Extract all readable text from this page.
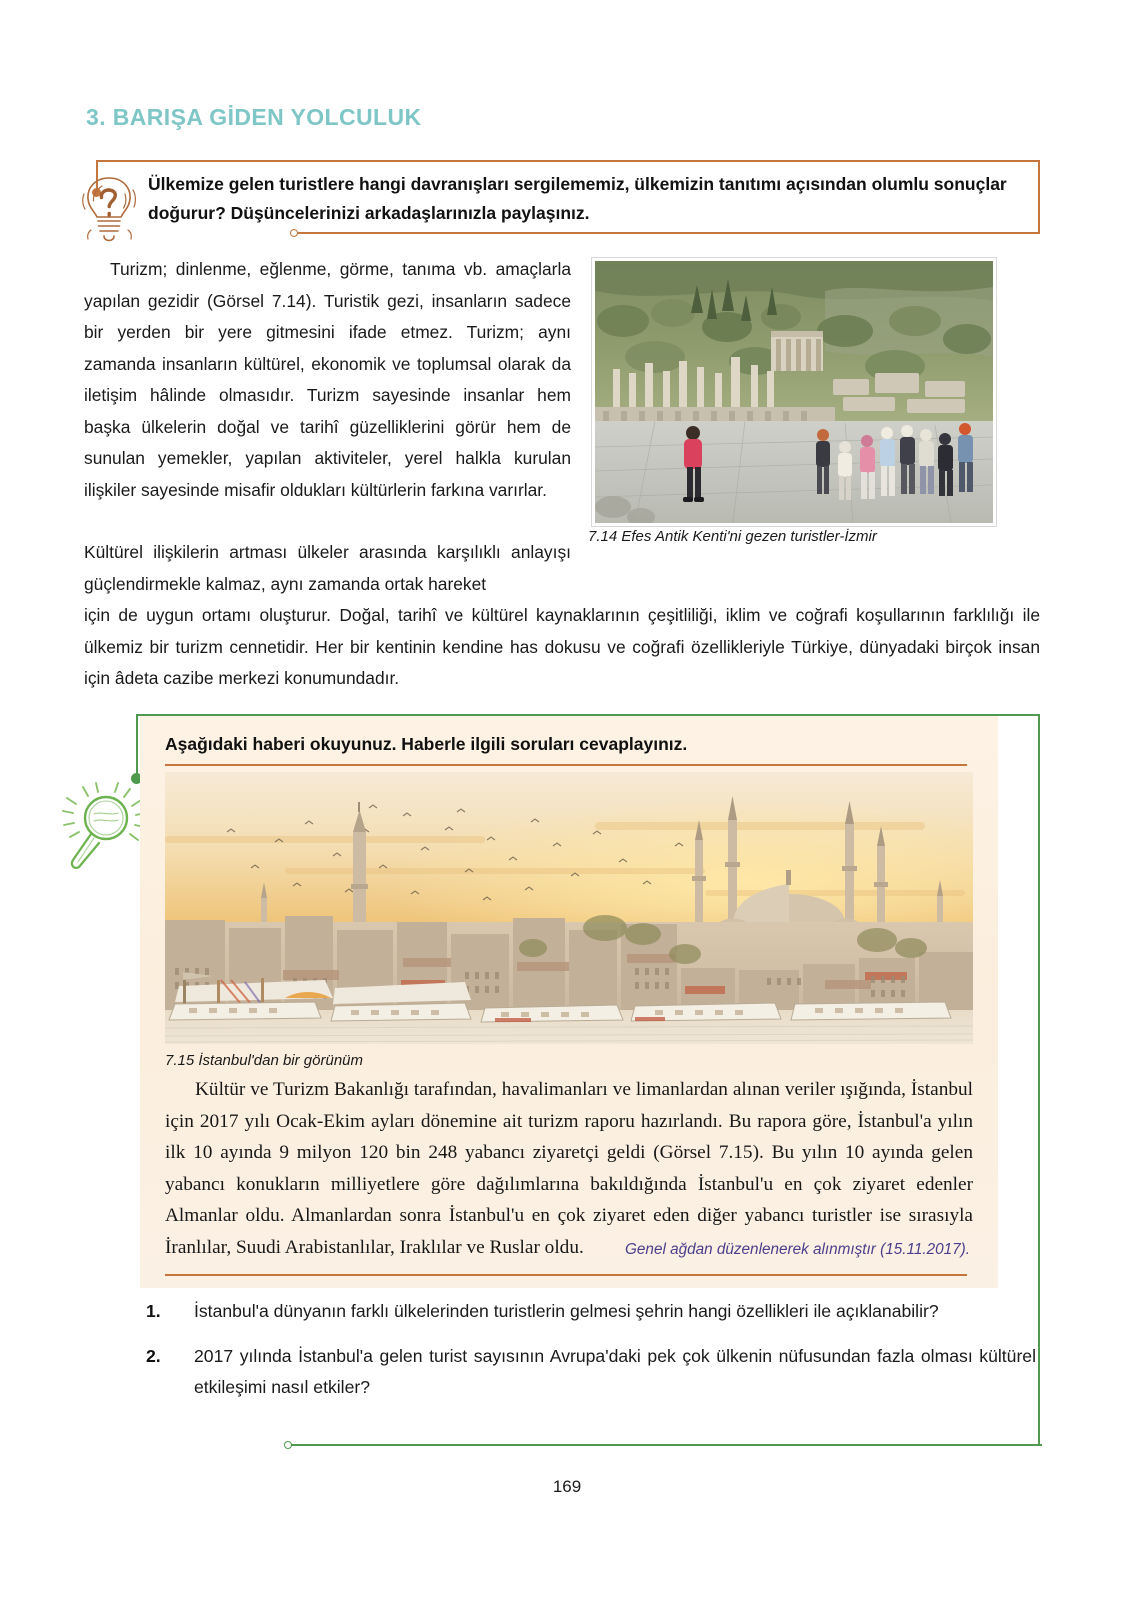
3. BARIŞA GİDEN YOLCULUK
Ülkemize gelen turistlere hangi davranışları sergilememiz, ülkemizin tanıtımı açısından olumlu sonuçlar doğurur? Düşüncelerinizi arkadaşlarınızla paylaşınız.

Turizm; dinlenme, eğlenme, görme, tanıma vb. amaçlarla yapılan gezidir (Görsel 7.14). Turistik gezi, insanların sadece bir yerden bir yere gitmesini ifade etmez. Turizm; aynı zamanda insanların kültürel, ekonomik ve toplumsal olarak da iletişim hâlinde olmasıdır. Turizm sayesinde insanlar hem başka ülkelerin doğal ve tarihî güzelliklerini görür hem de sunulan yemekler, yapılan aktiviteler, yerel halkla kurulan ilişkiler sayesinde misafir oldukları kültürlerin farkına varırlar.

Kültürel ilişkilerin artması ülkeler arasında karşılıklı anlayışı güçlendirmekle kalmaz, aynı zamanda ortak hareket
için de uygun ortamı oluşturur. Doğal, tarihî ve kültürel kaynaklarının çeşitliliği, iklim ve coğrafi koşullarının farklılığı ile ülkemiz bir turizm cennetidir. Her bir kentinin kendine has dokusu ve coğrafi özellikleriyle Türkiye, dünyadaki birçok insan için âdeta cazibe merkezi konumundadır.
7.14 Efes Antik Kenti'ni gezen turistler-İzmir
Aşağıdaki haberi okuyunuz. Haberle ilgili soruları cevaplayınız.
7.15 İstanbul'dan bir görünüm
Kültür ve Turizm Bakanlığı tarafından, havalimanları ve limanlardan alınan veriler ışığında, İstanbul için 2017 yılı Ocak-Ekim ayları dönemine ait turizm raporu hazırlandı. Bu rapora göre, İstanbul'a yılın ilk 10 ayında 9 milyon 120 bin 248 yabancı ziyaretçi geldi (Görsel 7.15). Bu yılın 10 ayında gelen yabancı konukların milliyetlere göre dağılımlarına bakıldığında İstanbul'u en çok ziyaret edenler Almanlar oldu. Almanlardan sonra İstanbul'u en çok ziyaret eden diğer yabancı turistler ise sırasıyla İranlılar, Suudi Arabistanlılar, Iraklılar ve Ruslar oldu.	Genel ağdan düzenlenerek alınmıştır (15.11.2017).
1.	İstanbul'a dünyanın farklı ülkelerinden turistlerin gelmesi şehrin hangi özellikleri ile açıklanabilir?
2.	2017 yılında İstanbul'a gelen turist sayısının Avrupa'daki pek çok ülkenin nüfusundan fazla olması kültürel etkileşimi nasıl etkiler?
169
